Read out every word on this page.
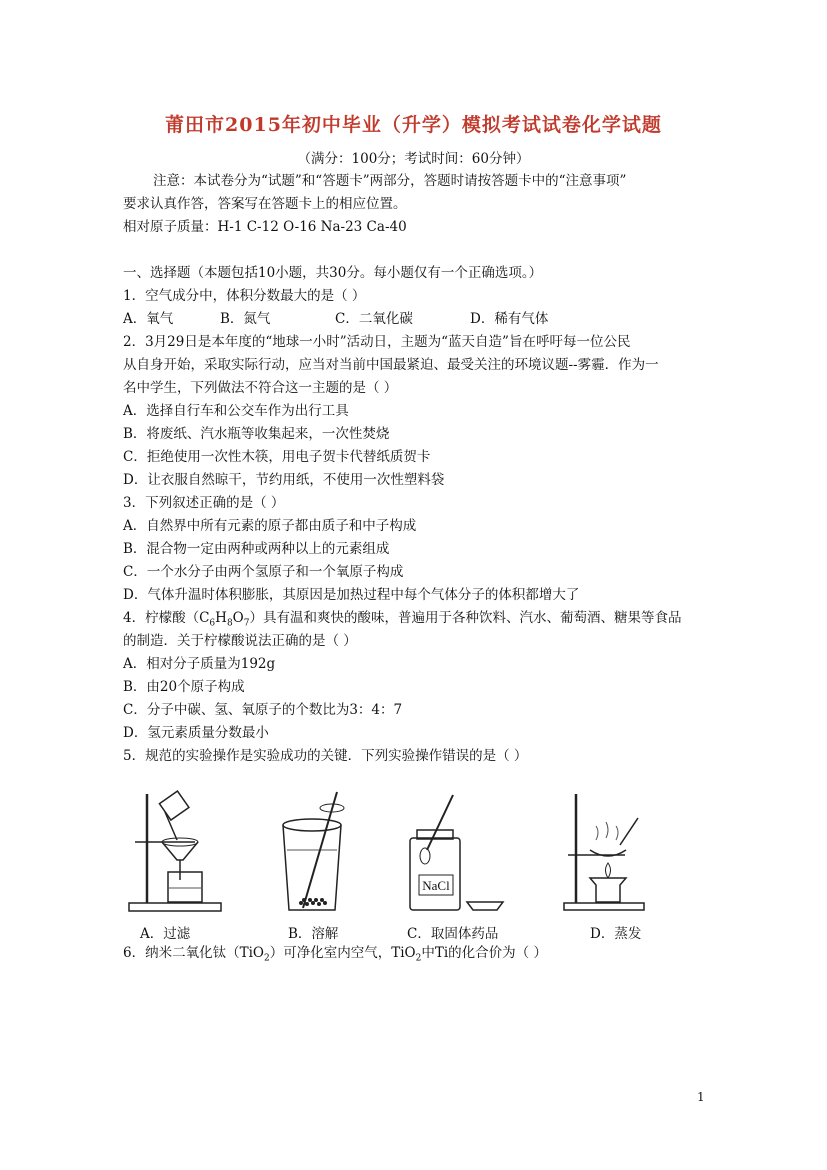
莆田市2015年初中毕业（升学）模拟考试试卷化学试题
（满分：100分；考试时间：60分钟）
注意：本试卷分为“试题”和“答题卡”两部分，答题时请按答题卡中的“注意事项”
要求认真作答，答案写在答题卡上的相应位置。
相对原子质量：H-1 C-12 O-16 Na-23 Ca-40
一、选择题（本题包括10小题，共30分。每小题仅有一个正确选项。）
1．空气成分中，体积分数最大的是（ ）
A．氧气	B．氮气	C．二氧化碳	D．稀有气体
2．3月29日是本年度的“地球一小时”活动日，主题为“蓝天自造”旨在呼吁每一位公民
从自身开始，采取实际行动，应当对当前中国最紧迫、最受关注的环境议题--雾霾．作为一
名中学生，下列做法不符合这一主题的是（ ）
A．选择自行车和公交车作为出行工具
B．将废纸、汽水瓶等收集起来，一次性焚烧
C．拒绝使用一次性木筷，用电子贺卡代替纸质贺卡
D．让衣服自然晾干，节约用纸，不使用一次性塑料袋
3．下列叙述正确的是（ ）
A．自然界中所有元素的原子都由质子和中子构成
B．混合物一定由两种或两种以上的元素组成
C．一个水分子由两个氢原子和一个氧原子构成
D．气体升温时体积膨胀，其原因是加热过程中每个气体分子的体积都增大了
4．柠檬酸$(C_6H_8O_7)$具有温和爽快的酸味，普遍用于各种饮料、汽水、葡萄酒、糖果等食品
的制造．关于柠檬酸说法正确的是（ ）
A．相对分子质量为192g
B．由20个原子构成
C．分子中碳、氢、氧原子的个数比为3：4：7
D．氢元素质量分数最小
5．规范的实验操作是实验成功的关键．下列实验操作错误的是（ ）
A．过滤	B．溶解
NaCl
C．取固体药品	D．蒸发
6．纳米二氧化钛（TiO$_2$）可净化室内空气，TiO$_2$中Ti的化合价为（ ）
1
